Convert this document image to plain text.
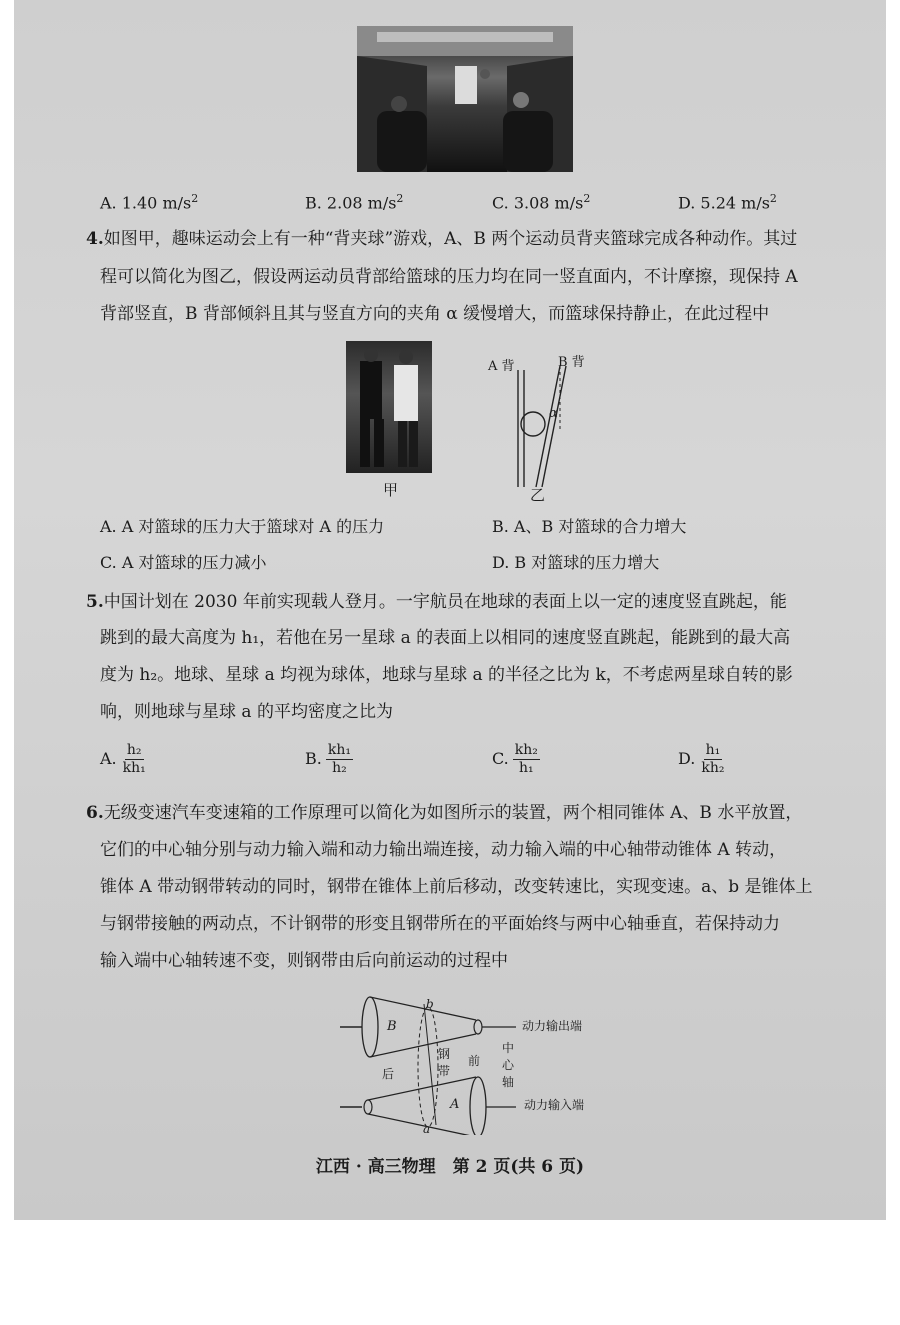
A. 1.40 $m/s^2$	B. 2.08 $m/s^2$	C. 3.08 $m/s^2$	D. 5.24 $m/s^2$
4.如图甲，趣味运动会上有一种“背夹球”游戏，A、B 两个运动员背夹篮球完成各种动作。其过
程可以简化为图乙，假设两运动员背部给篮球的压力均在同一竖直面内，不计摩擦，现保持 A
背部竖直，B 背部倾斜且其与竖直方向的夹角 α 缓慢增大，而篮球保持静止，在此过程中
甲
A 背	B 背
α
乙
A. A 对篮球的压力大于篮球对 A 的压力	B. A、B 对篮球的合力增大
C. A 对篮球的压力减小	D. B 对篮球的压力增大
5.中国计划在 2030 年前实现载人登月。一宇航员在地球的表面上以一定的速度竖直跳起，能
跳到的最大高度为 h₁，若他在另一星球 a 的表面上以相同的速度竖直跳起，能跳到的最大高
度为 h₂。地球、星球 a 均视为球体，地球与星球 a 的半径之比为 k，不考虑两星球自转的影
响，则地球与星球 a 的平均密度之比为
A. $\frac{\text{h₂}}{\text{kh₁}}$	B. $\frac{\text{kh₁}}{\text{h₂}}$	C. $\frac{\text{kh₂}}{\text{h₁}}$	D. $\frac{\text{h₁}}{\text{kh₂}}$
6.无级变速汽车变速箱的工作原理可以简化为如图所示的装置，两个相同锥体 A、B 水平放置，
它们的中心轴分别与动力输入端和动力输出端连接，动力输入端的中心轴带动锥体 A 转动，
锥体 A 带动钢带转动的同时，钢带在锥体上前后移动，改变转速比，实现变速。a、b 是锥体上
与钢带接触的两动点，不计钢带的形变且钢带所在的平面始终与两中心轴垂直，若保持动力
输入端中心轴转速不变，则钢带由后向前运动的过程中
B
A
b
a
钢带
前
后
中心轴
动力输出端
动力输入端
江西 · 高三物理　第 2 页(共 6 页)
